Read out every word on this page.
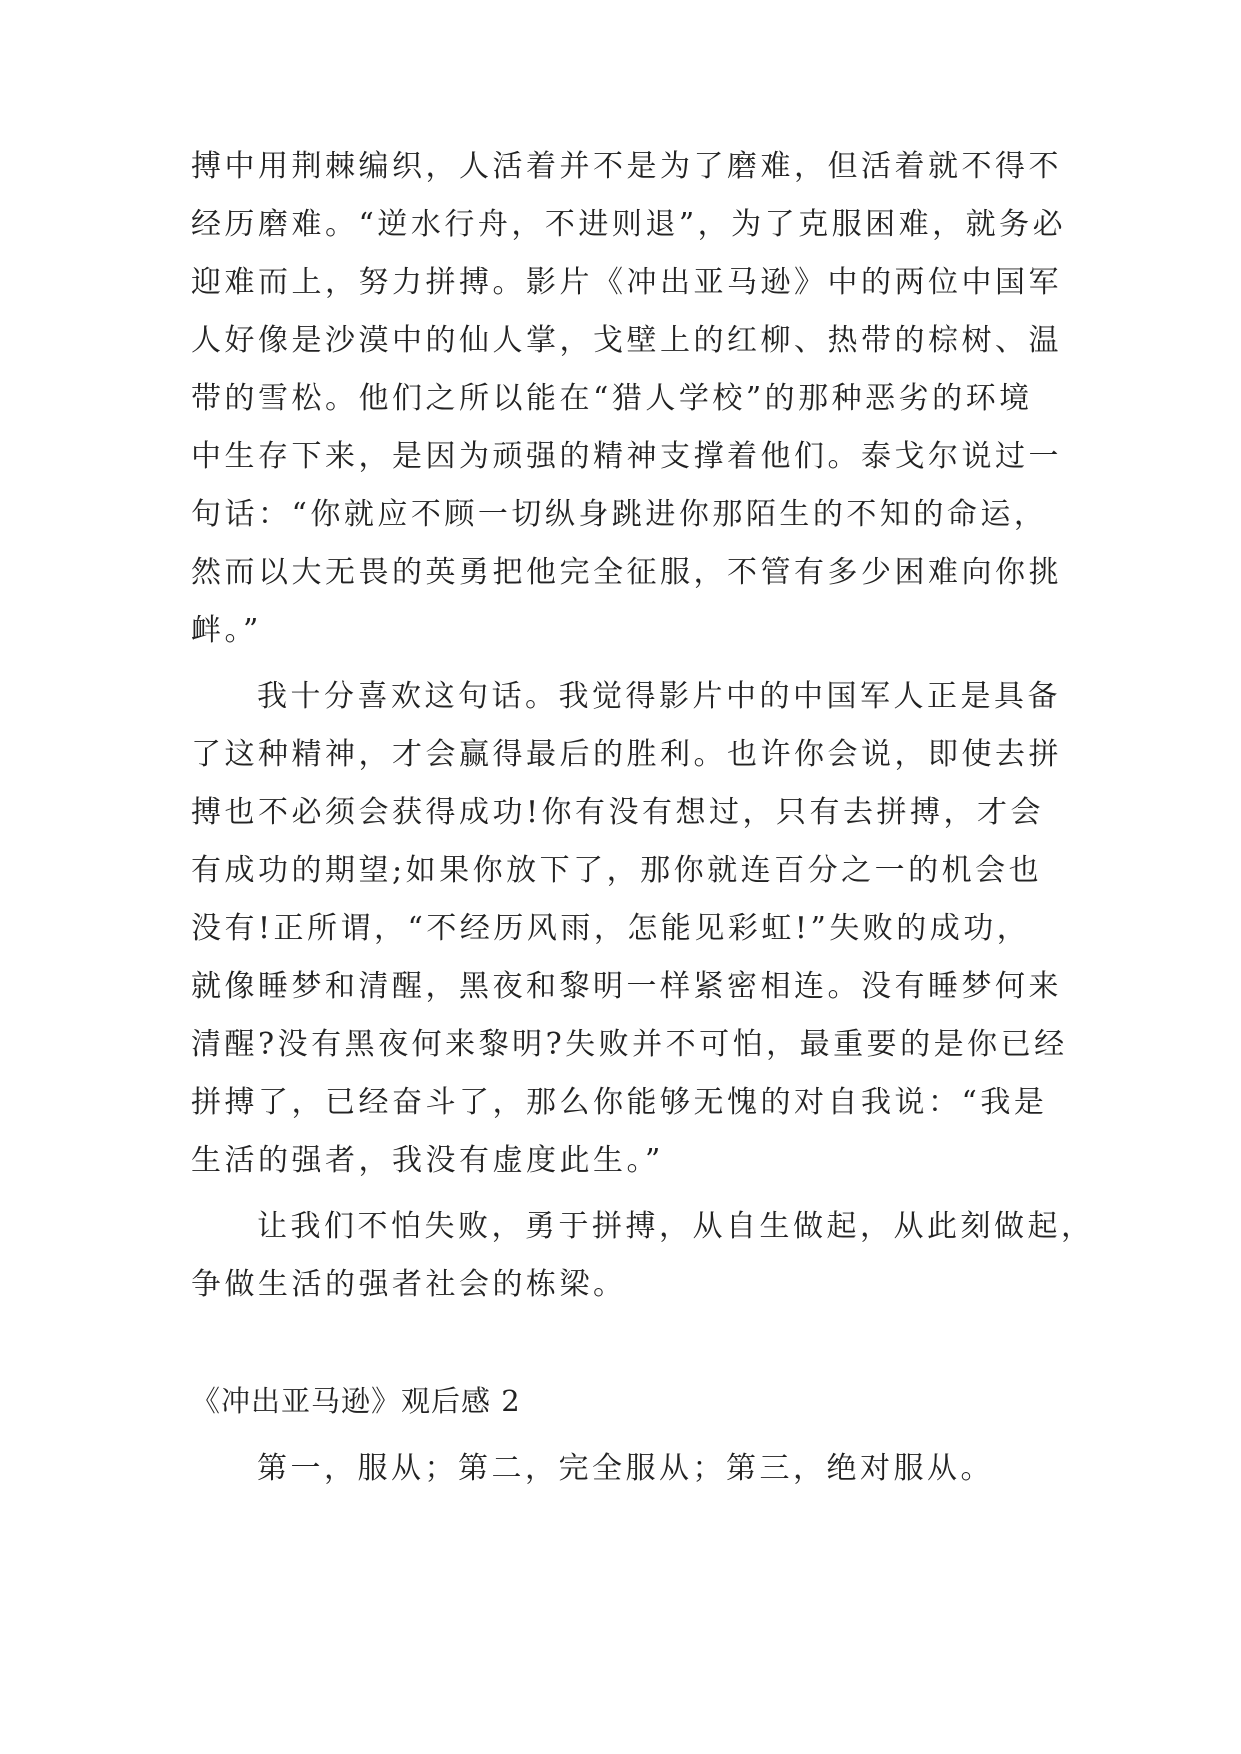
搏中用荆棘编织，人活着并不是为了磨难，但活着就不得不
经历磨难。“逆水行舟，不进则退”，为了克服困难，就务必
迎难而上，努力拼搏。影片《冲出亚马逊》中的两位中国军
人好像是沙漠中的仙人掌，戈壁上的红柳、热带的棕树、温
带的雪松。他们之所以能在“猎人学校”的那种恶劣的环境
中生存下来，是因为顽强的精神支撑着他们。泰戈尔说过一
句话：“你就应不顾一切纵身跳进你那陌生的不知的命运，
然而以大无畏的英勇把他完全征服，不管有多少困难向你挑
衅。”
我十分喜欢这句话。我觉得影片中的中国军人正是具备
了这种精神，才会赢得最后的胜利。也许你会说，即使去拼
搏也不必须会获得成功!你有没有想过，只有去拼搏，才会
有成功的期望;如果你放下了，那你就连百分之一的机会也
没有!正所谓，“不经历风雨，怎能见彩虹!”失败的成功，
就像睡梦和清醒，黑夜和黎明一样紧密相连。没有睡梦何来
清醒?没有黑夜何来黎明?失败并不可怕，最重要的是你已经
拼搏了，已经奋斗了，那么你能够无愧的对自我说：“我是
生活的强者，我没有虚度此生。”
让我们不怕失败，勇于拼搏，从自生做起，从此刻做起，
争做生活的强者社会的栋梁。
《冲出亚马逊》观后感 2
第一，服从；第二，完全服从；第三，绝对服从。
